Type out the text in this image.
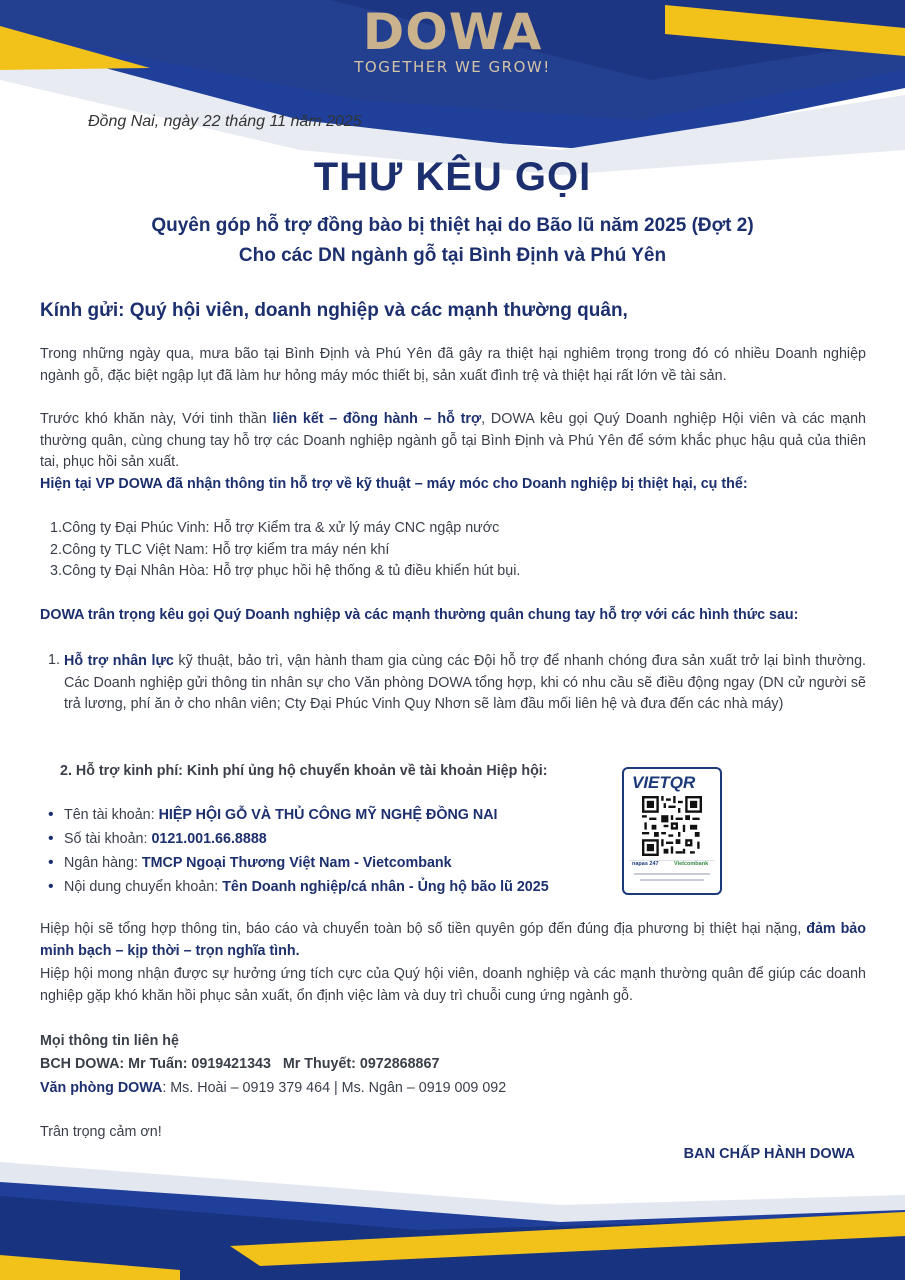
DOWA
TOGETHER WE GROW!
Đồng Nai, ngày 22 tháng 11 năm 2025
THƯ KÊU GỌI
Quyên góp hỗ trợ đồng bào bị thiệt hại do Bão lũ năm 2025 (Đợt 2)
Cho các DN ngành gỗ tại Bình Định và Phú Yên
Kính gửi: Quý hội viên, doanh nghiệp và các mạnh thường quân,
Trong những ngày qua, mưa bão tại Bình Định và Phú Yên đã gây ra thiệt hại nghiêm trọng trong đó có nhiều Doanh nghiệp ngành gỗ, đặc biệt ngập lụt đã làm hư hỏng máy móc thiết bị, sản xuất đình trệ và thiệt hại rất lớn về tài sản.
Trước khó khăn này, Với tinh thần liên kết – đồng hành – hỗ trợ, DOWA kêu gọi Quý Doanh nghiệp Hội viên và các mạnh thường quân, cùng chung tay hỗ trợ các Doanh nghiệp ngành gỗ tại Bình Định và Phú Yên để sớm khắc phục hậu quả của thiên tai, phục hồi sản xuất.
Hiện tại VP DOWA đã nhận thông tin hỗ trợ về kỹ thuật – máy móc cho Doanh nghiệp bị thiệt hại, cụ thể:
1.Công ty Đại Phúc Vinh: Hỗ trợ Kiểm tra & xử lý máy CNC ngập nước
2.Công ty TLC Việt Nam: Hỗ trợ kiểm tra máy nén khí
3.Công ty Đại Nhân Hòa: Hỗ trợ phục hồi hệ thống & tủ điều khiển hút bụi.
DOWA trân trọng kêu gọi Quý Doanh nghiệp và các mạnh thường quân chung tay hỗ trợ với các hình thức sau:
1. Hỗ trợ nhân lực kỹ thuật, bảo trì, vận hành tham gia cùng các Đội hỗ trợ để nhanh chóng đưa sản xuất trở lại bình thường. Các Doanh nghiệp gửi thông tin nhân sự cho Văn phòng DOWA tổng hợp, khi có nhu cầu sẽ điều động ngay (DN cử người sẽ trả lương, phí ăn ở cho nhân viên; Cty Đại Phúc Vinh Quy Nhơn sẽ làm đầu mối liên hệ và đưa đến các nhà máy)
2. Hỗ trợ kinh phí: Kinh phí ủng hộ chuyển khoản về tài khoản Hiệp hội:
• Tên tài khoản: HIỆP HỘI GỖ VÀ THỦ CÔNG MỸ NGHỆ ĐỒNG NAI
• Số tài khoản: 0121.001.66.8888
• Ngân hàng: TMCP Ngoại Thương Việt Nam - Vietcombank
• Nội dung chuyển khoản: Tên Doanh nghiệp/cá nhân - Ủng hộ bão lũ 2025
VIETQR
napas 247	Vietcombank
Hiệp hội sẽ tổng hợp thông tin, báo cáo và chuyển toàn bộ số tiền quyên góp đến đúng địa phương bị thiệt hại nặng, đảm bảo minh bạch – kịp thời – trọn nghĩa tình.
Hiệp hội mong nhận được sự hưởng ứng tích cực của Quý hội viên, doanh nghiệp và các mạnh thường quân để giúp các doanh nghiệp gặp khó khăn hồi phục sản xuất, ổn định việc làm và duy trì chuỗi cung ứng ngành gỗ.
Mọi thông tin liên hệ
BCH DOWA: Mr Tuấn: 0919421343   Mr Thuyết: 0972868867
Văn phòng DOWA: Ms. Hoài – 0919 379 464 | Ms. Ngân – 0919 009 092
Trân trọng cảm ơn!
BAN CHẤP HÀNH DOWA
